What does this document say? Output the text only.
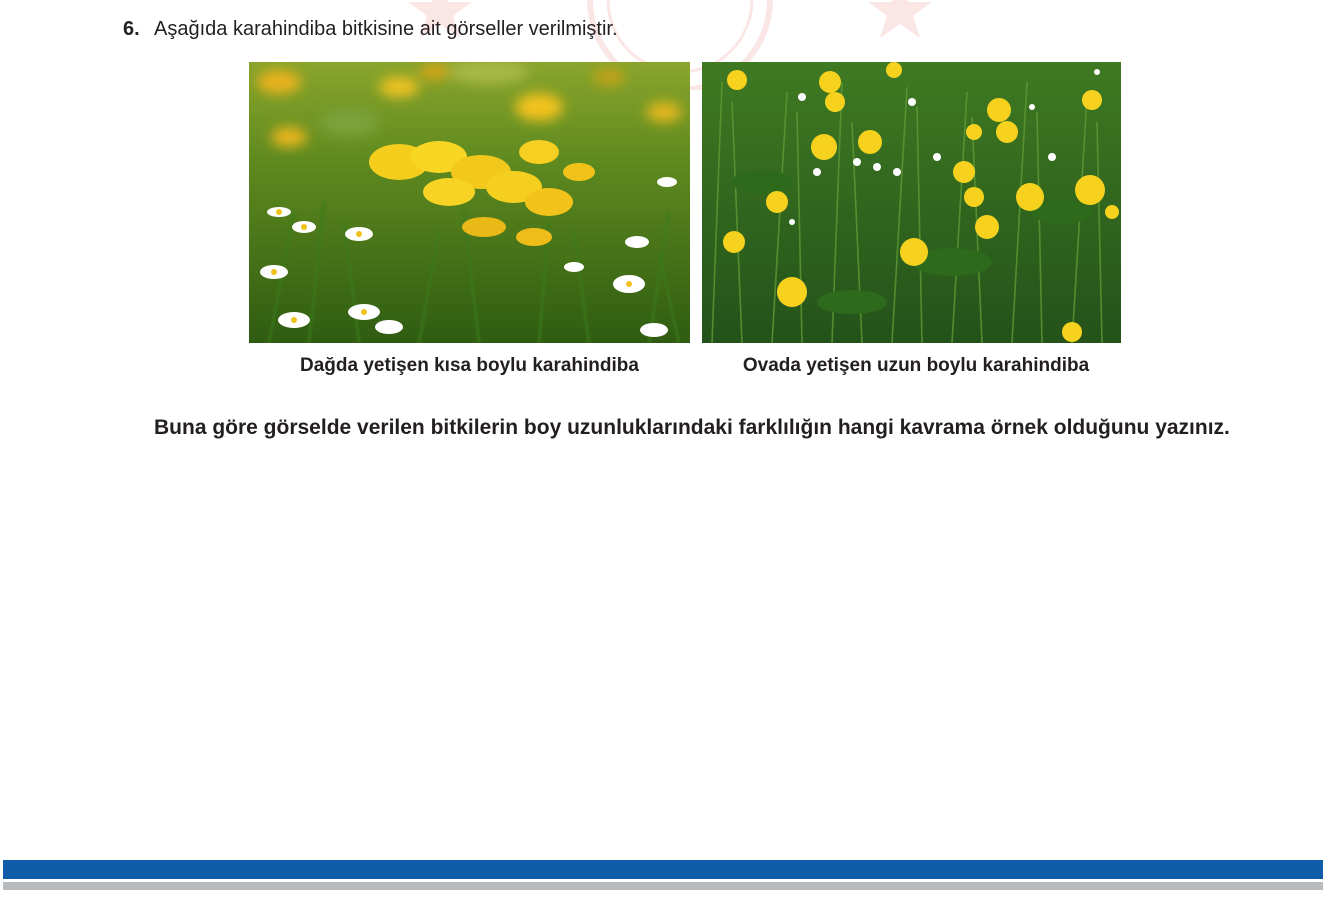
6. Aşağıda karahindiba bitkisine ait görseller verilmiştir.
Dağda yetişen kısa boylu karahindiba	Ovada yetişen uzun boylu karahindiba
Buna göre görselde verilen bitkilerin boy uzunluklarındaki farklılığın hangi kavrama örnek olduğunu yazınız.
